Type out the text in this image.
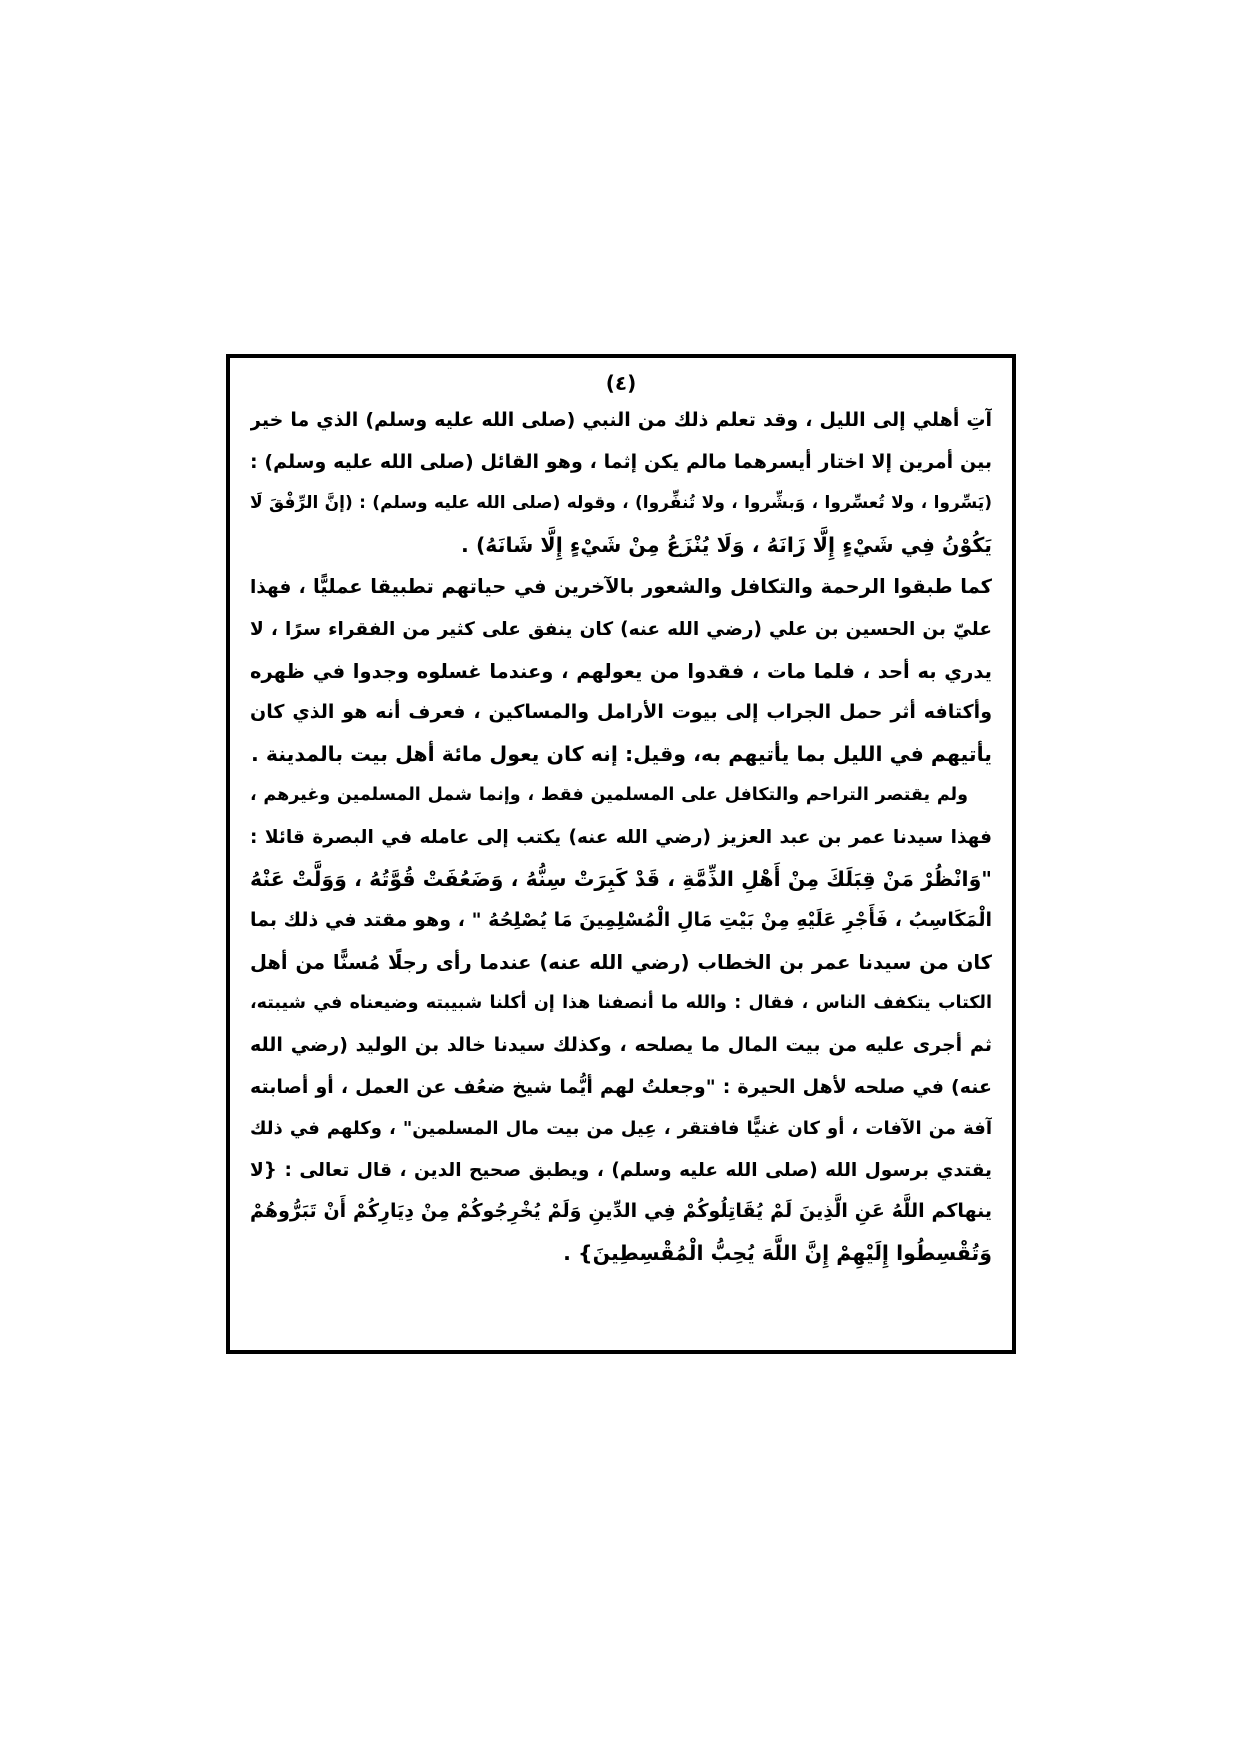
(٤)
آتِ أهلي إلى الليل ، وقد تعلم ذلك من النبي (صلى الله عليه وسلم) الذي ما خير
بين أمرين إلا اختار أيسرهما مالم يكن إثما ، وهو القائل (صلى الله عليه وسلم) :
(يَسِّروا ، ولا تُعسِّروا ، وَبشِّروا ، ولا تُنفِّروا) ، وقوله (صلى الله عليه وسلم) : (إنَّ الرِّفْقَ لَا
يَكُوْنُ فِي شَيْءٍ إِلَّا زَانَهُ ، وَلَا يُنْزَعُ مِنْ شَيْءٍ إِلَّا شَانَهُ) .
كما طبقوا الرحمة والتكافل والشعور بالآخرين في حياتهم تطبيقا عمليًّا ، فهذا
عليّ بن الحسين بن علي (رضي الله عنه) كان ينفق على كثير من الفقراء سرًا ، لا
يدري به أحد ، فلما مات ، فقدوا من يعولهم ، وعندما غسلوه وجدوا في ظهره
وأكتافه أثر حمل الجراب إلى بيوت الأرامل والمساكين ، فعرف أنه هو الذي كان
يأتيهم في الليل بما يأتيهم به، وقيل: إنه كان يعول مائة أهل بيت بالمدينة .
ولم يقتصر التراحم والتكافل على المسلمين فقط ، وإنما شمل المسلمين وغيرهم ،
فهذا سيدنا عمر بن عبد العزيز (رضي الله عنه) يكتب إلى عامله في البصرة قائلا :
"وَانْظُرْ مَنْ قِبَلَكَ مِنْ أَهْلِ الذِّمَّةِ ، قَدْ كَبِرَتْ سِنُّهُ ، وَضَعُفَتْ قُوَّتُهُ ، وَوَلَّتْ عَنْهُ
الْمَكَاسِبُ ، فَأَجْرِ عَلَيْهِ مِنْ بَيْتِ مَالِ الْمُسْلِمِينَ مَا يُصْلِحُهُ " ، وهو مقتد في ذلك بما
كان من سيدنا عمر بن الخطاب (رضي الله عنه) عندما رأى رجلًا مُسنًّا من أهل
الكتاب يتكفف الناس ، فقال : والله ما أنصفنا هذا إن أكلنا شبيبته وضيعناه في شيبته،
ثم أجرى عليه من بيت المال ما يصلحه ، وكذلك سيدنا خالد بن الوليد (رضي الله
عنه) في صلحه لأهل الحيرة : "وجعلتُ لهم أيُّما شيخ ضعُف عن العمل ، أو أصابته
آفة من الآفات ، أو كان غنيًّا فافتقر ، عِيل من بيت مال المسلمين" ، وكلهم في ذلك
يقتدي برسول الله (صلى الله عليه وسلم) ، ويطبق صحيح الدين ، قال تعالى : {لا
ينهاكم اللَّهُ عَنِ الَّذِينَ لَمْ يُقَاتِلُوكُمْ فِي الدِّينِ وَلَمْ يُخْرِجُوكُمْ مِنْ دِيَارِكُمْ أَنْ تَبَرُّوهُمْ
وَتُقْسِطُوا إِلَيْهِمْ إِنَّ اللَّهَ يُحِبُّ الْمُقْسِطِينَ} .
